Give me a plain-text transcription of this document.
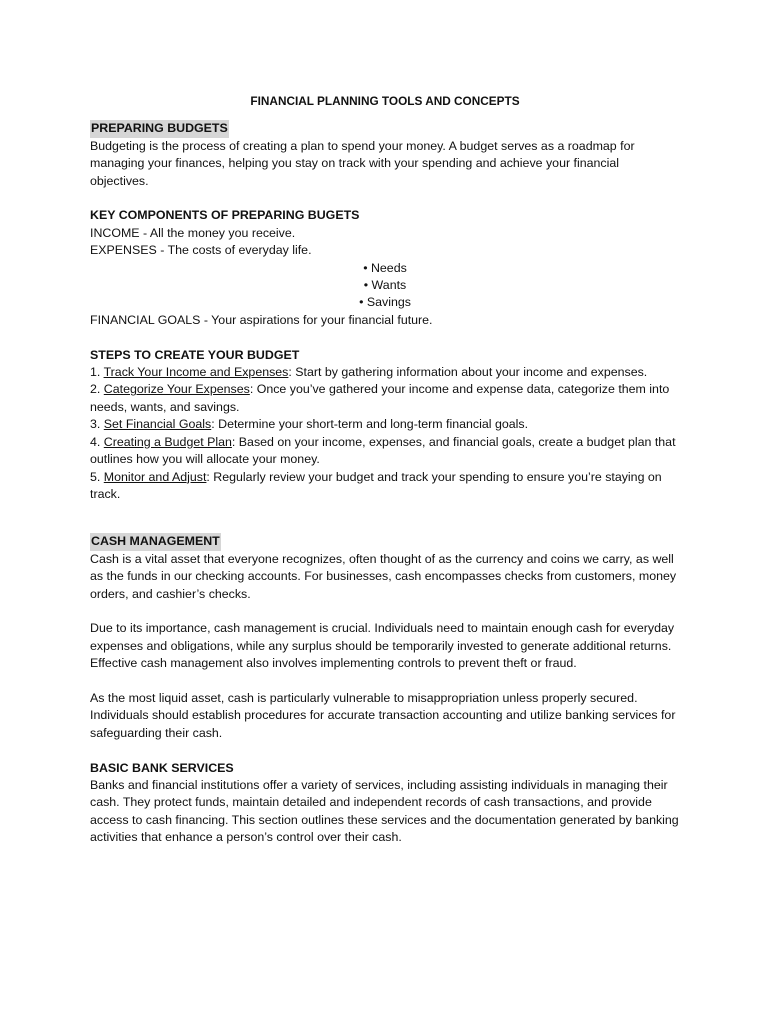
FINANCIAL PLANNING TOOLS AND CONCEPTS

PREPARING BUDGETS

Budgeting is the process of creating a plan to spend your money. A budget serves as a roadmap for managing your finances, helping you stay on track with your spending and achieve your financial objectives.

KEY COMPONENTS OF PREPARING BUGETS

INCOME - All the money you receive.

EXPENSES - The costs of everyday life.

• Needs

• Wants

• Savings

FINANCIAL GOALS - Your aspirations for your financial future.

STEPS TO CREATE YOUR BUDGET

1. Track Your Income and Expenses: Start by gathering information about your income and expenses.

2. Categorize Your Expenses: Once you’ve gathered your income and expense data, categorize them into needs, wants, and savings.

3. Set Financial Goals: Determine your short-term and long-term financial goals.

4. Creating a Budget Plan: Based on your income, expenses, and financial goals, create a budget plan that outlines how you will allocate your money.

5. Monitor and Adjust: Regularly review your budget and track your spending to ensure you’re staying on track.

CASH MANAGEMENT

Cash is a vital asset that everyone recognizes, often thought of as the currency and coins we carry, as well as the funds in our checking accounts. For businesses, cash encompasses checks from customers, money orders, and cashier’s checks.

Due to its importance, cash management is crucial. Individuals need to maintain enough cash for everyday expenses and obligations, while any surplus should be temporarily invested to generate additional returns. Effective cash management also involves implementing controls to prevent theft or fraud.

As the most liquid asset, cash is particularly vulnerable to misappropriation unless properly secured. Individuals should establish procedures for accurate transaction accounting and utilize banking services for safeguarding their cash.

BASIC BANK SERVICES

Banks and financial institutions offer a variety of services, including assisting individuals in managing their cash. They protect funds, maintain detailed and independent records of cash transactions, and provide access to cash financing. This section outlines these services and the documentation generated by banking activities that enhance a person’s control over their cash.
